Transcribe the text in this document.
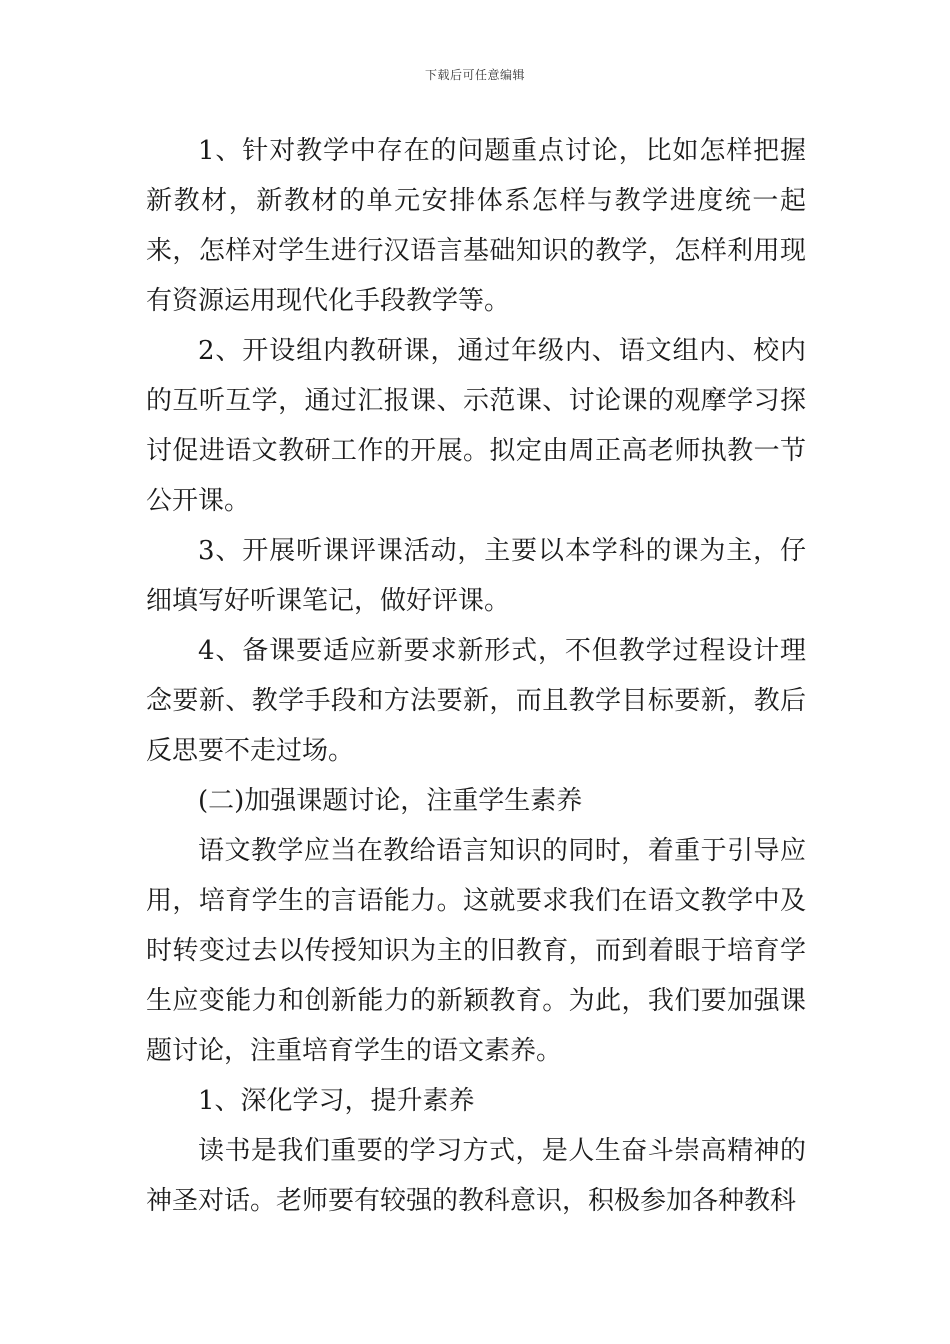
下载后可任意编辑

1、针对教学中存在的问题重点讨论，比如怎样把握新教材，新教材的单元安排体系怎样与教学进度统一起来，怎样对学生进行汉语言基础知识的教学，怎样利用现有资源运用现代化手段教学等。

2、开设组内教研课，通过年级内、语文组内、校内的互听互学，通过汇报课、示范课、讨论课的观摩学习探讨促进语文教研工作的开展。拟定由周正高老师执教一节公开课。

3、开展听课评课活动，主要以本学科的课为主，仔细填写好听课笔记，做好评课。

4、备课要适应新要求新形式，不但教学过程设计理念要新、教学手段和方法要新，而且教学目标要新，教后反思要不走过场。

(二)加强课题讨论，注重学生素养

语文教学应当在教给语言知识的同时，着重于引导应用，培育学生的言语能力。这就要求我们在语文教学中及时转变过去以传授知识为主的旧教育，而到着眼于培育学生应变能力和创新能力的新颖教育。为此，我们要加强课题讨论，注重培育学生的语文素养。

1、深化学习，提升素养

读书是我们重要的学习方式，是人生奋斗崇高精神的神圣对话。老师要有较强的教科意识，积极参加各种教科
